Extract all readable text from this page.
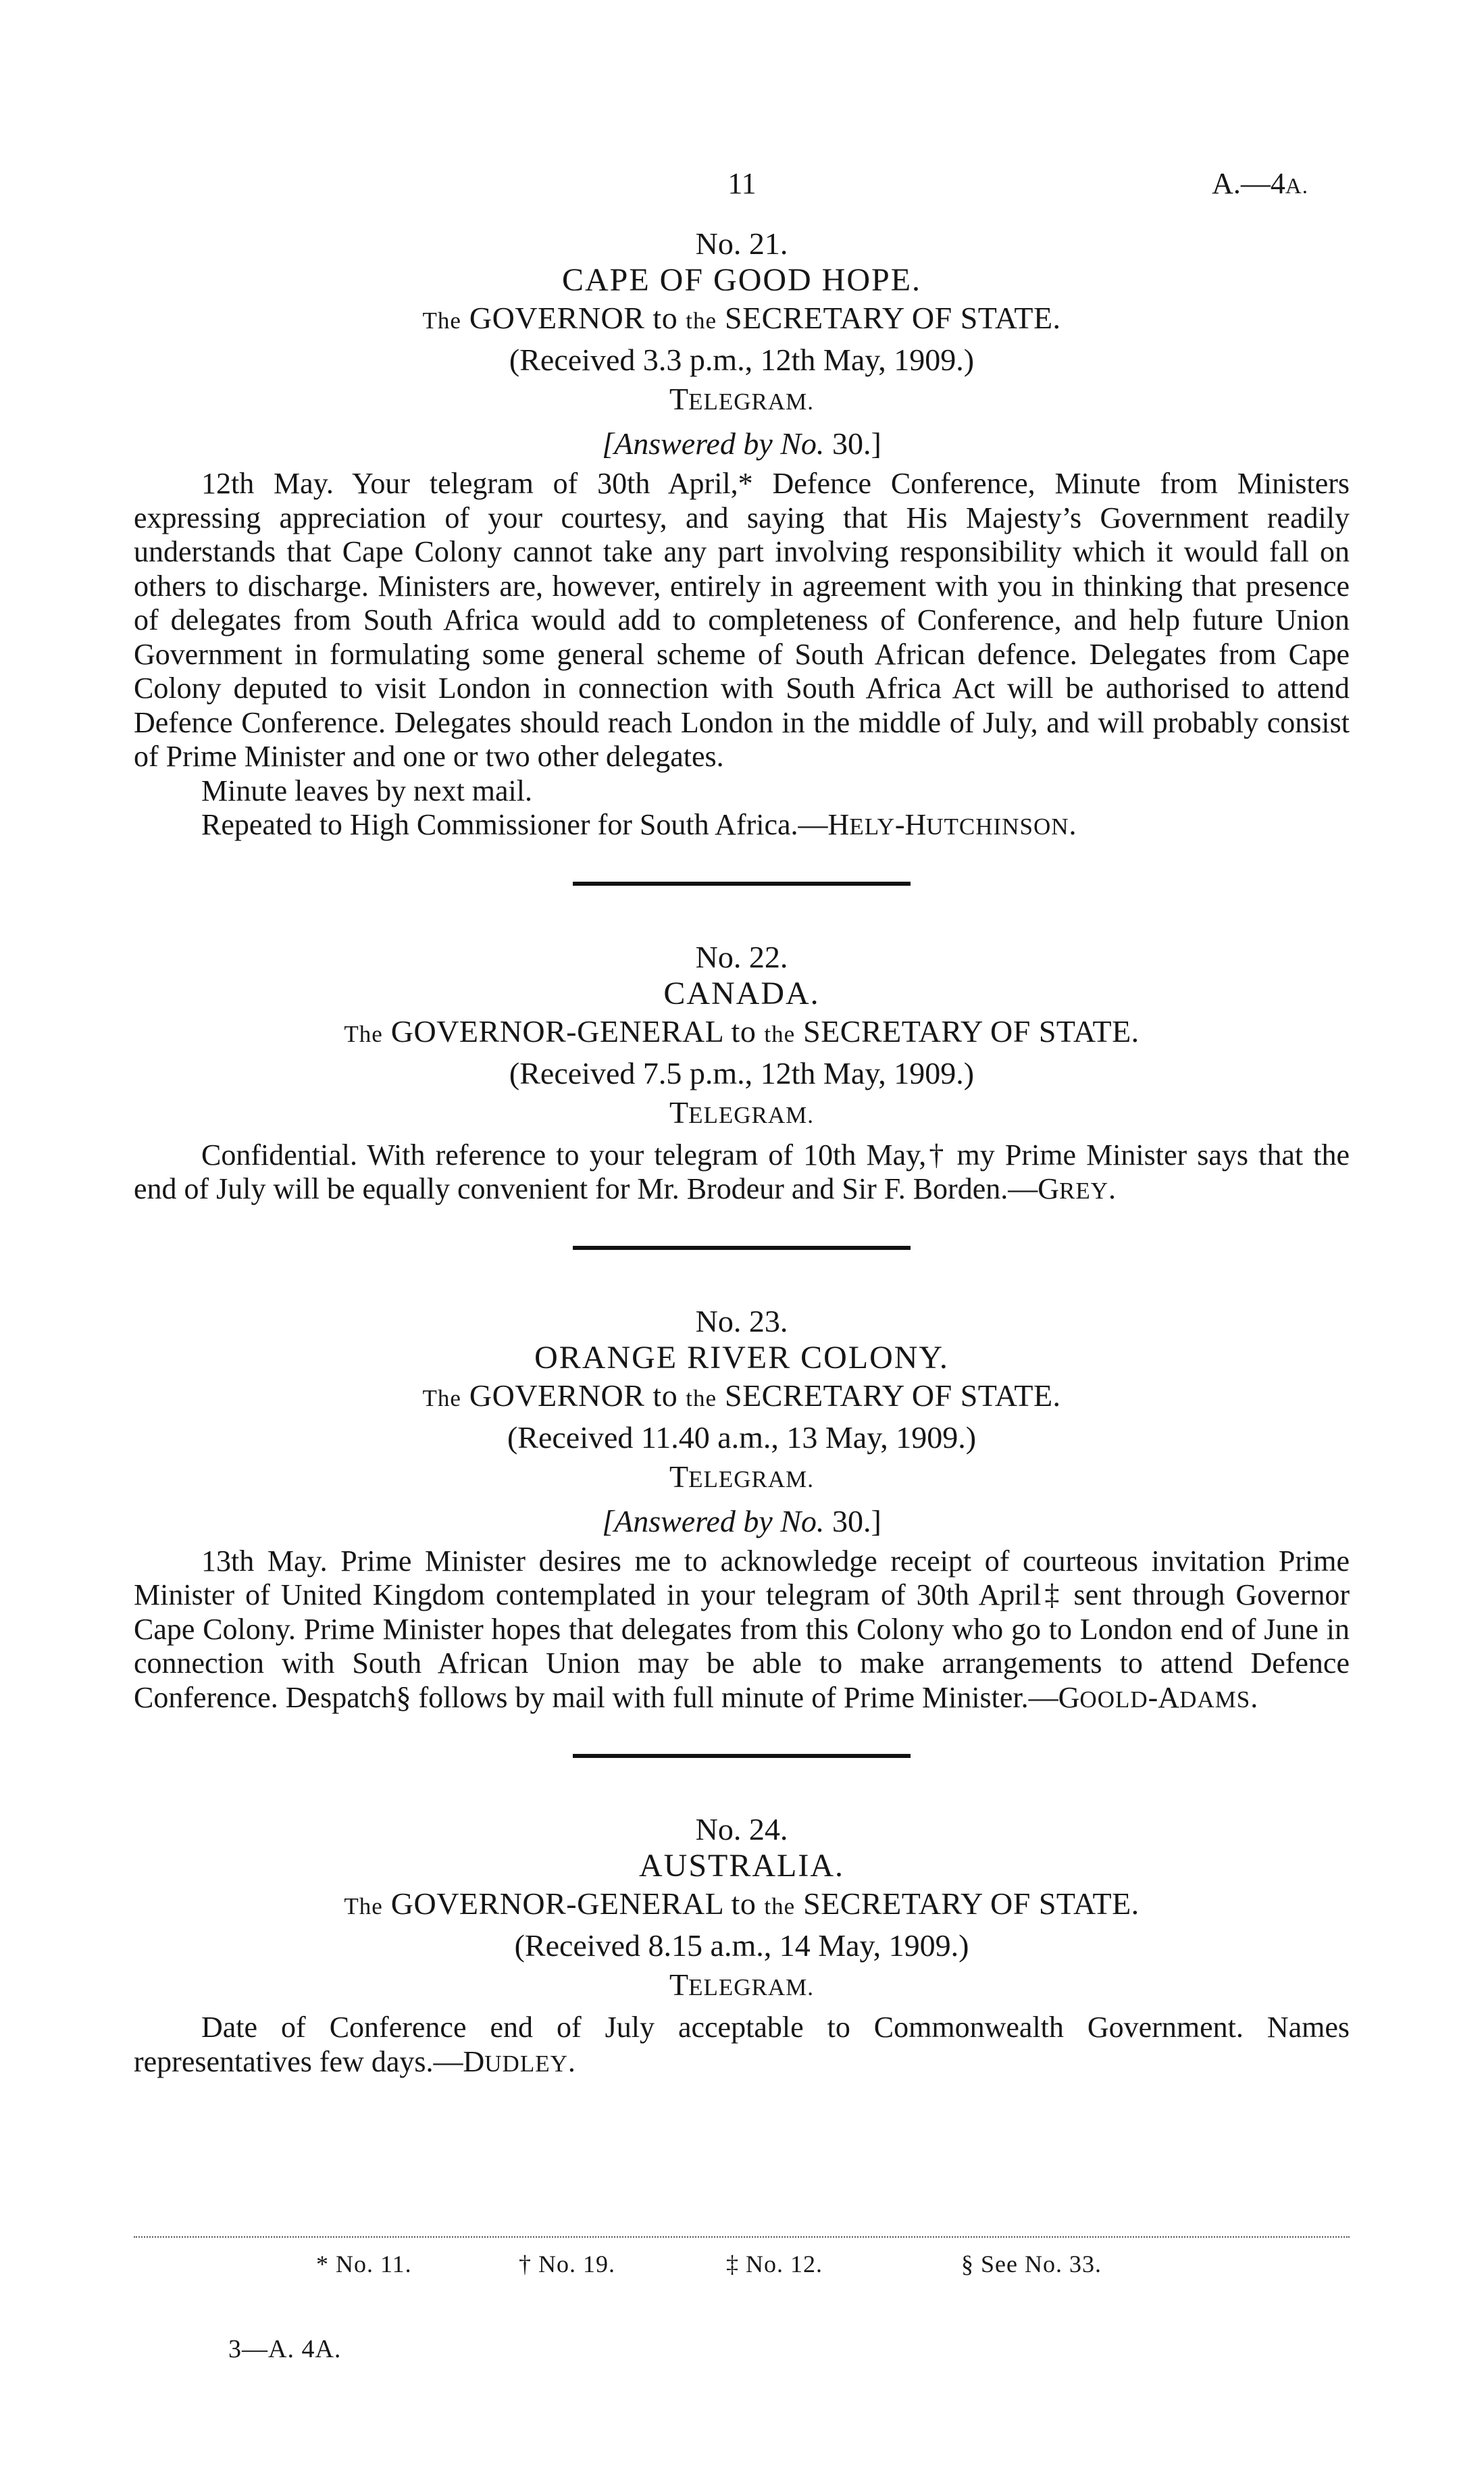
11	A.—4A.
No. 21.
CAPE OF GOOD HOPE.
The GOVERNOR to the SECRETARY OF STATE.
(Received 3.3 p.m., 12th May, 1909.)
TELEGRAM.
[Answered by No. 30.]

12th May. Your telegram of 30th April,* Defence Conference, Minute from Ministers expressing appreciation of your courtesy, and saying that His Majesty’s Government readily understands that Cape Colony cannot take any part involving responsibility which it would fall on others to discharge. Ministers are, however, entirely in agreement with you in thinking that presence of delegates from South Africa would add to completeness of Conference, and help future Union Government in formulating some general scheme of South African defence. Delegates from Cape Colony deputed to visit London in connection with South Africa Act will be authorised to attend Defence Conference. Delegates should reach London in the middle of July, and will probably consist of Prime Minister and one or two other delegates.

Minute leaves by next mail.

Repeated to High Commissioner for South Africa.—HELY-HUTCHINSON.

No. 22.
CANADA.
The GOVERNOR-GENERAL to the SECRETARY OF STATE.
(Received 7.5 p.m., 12th May, 1909.)
TELEGRAM.

Confidential. With reference to your telegram of 10th May,† my Prime Minister says that the end of July will be equally convenient for Mr. Brodeur and Sir F. Borden.—GREY.

No. 23.
ORANGE RIVER COLONY.
The GOVERNOR to the SECRETARY OF STATE.
(Received 11.40 a.m., 13 May, 1909.)
TELEGRAM.
[Answered by No. 30.]

13th May. Prime Minister desires me to acknowledge receipt of courteous invitation Prime Minister of United Kingdom contemplated in your telegram of 30th April‡ sent through Governor Cape Colony. Prime Minister hopes that delegates from this Colony who go to London end of June in connection with South African Union may be able to make arrangements to attend Defence Conference. Despatch§ follows by mail with full minute of Prime Minister.—GOOLD-ADAMS.

No. 24.
AUSTRALIA.
The GOVERNOR-GENERAL to the SECRETARY OF STATE.
(Received 8.15 a.m., 14 May, 1909.)
TELEGRAM.

Date of Conference end of July acceptable to Commonwealth Government. Names representatives few days.—DUDLEY.

* No. 11.	† No. 19.	‡ No. 12.	§ See No. 33.
3—A. 4A.
